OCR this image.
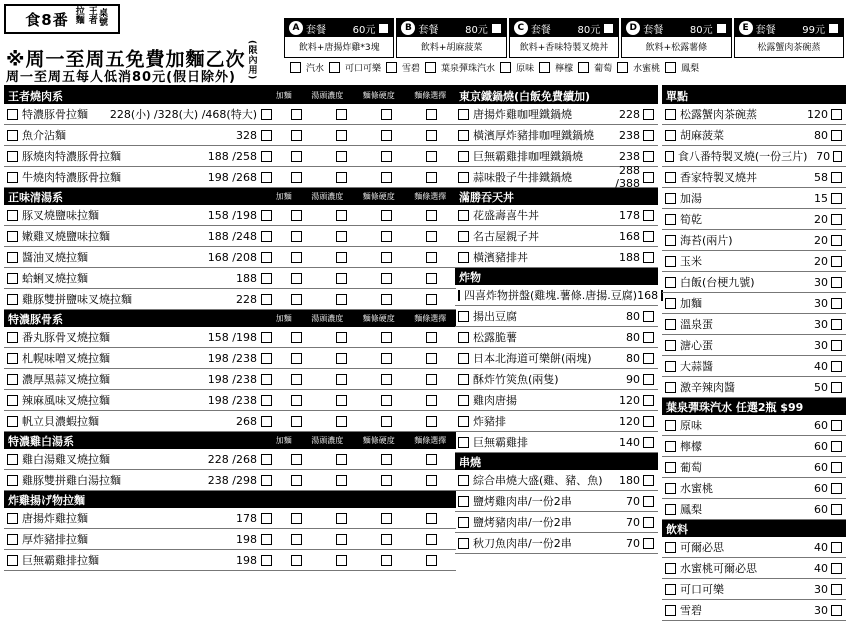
食8番	王者拉麵	桌號
※周一至周五免費加麵乙次(限內用)
周一至周五每人低消80元(假日除外)
A 套餐	60元
飲料+唐揚炸雞*3塊
B 套餐	80元
飲料+胡麻菠菜
C 套餐	80元
飲料+香味特製叉燒丼
D 套餐	80元
飲料+松露薯條
E 套餐	99元
松露蟹肉茶碗蒸
汽水 可口可樂 雪碧 葉泉彈珠汽水 原味 檸檬 葡萄 水蜜桃 鳳梨
王者燒肉系	加麵 湯頭濃度 麵條硬度 麵條選擇
特濃豚骨拉麵	228(小) /328(大) /468(特大)
魚介沾麵	328
豚燒肉特濃豚骨拉麵	188 /258
牛燒肉特濃豚骨拉麵	198 /268
正味清湯系	加麵 湯頭濃度 麵條硬度 麵條選擇
豚叉燒鹽味拉麵	158 /198
嫩雞叉燒鹽味拉麵	188 /248
醬油叉燒拉麵	168 /208
蛤蜊叉燒拉麵	188
雞豚雙拼鹽味叉燒拉麵	228
特濃豚骨系	加麵 湯頭濃度 麵條硬度 麵條選擇
番丸豚骨叉燒拉麵	158 /198
札幌味噌叉燒拉麵	198 /238
濃厚黑蒜叉燒拉麵	198 /238
辣麻風味叉燒拉麵	198 /238
帆立貝濃蝦拉麵	268
特濃雞白湯系	加麵 湯頭濃度 麵條硬度 麵條選擇
雞白湯雞叉燒拉麵	228 /268
雞豚雙拼雞白湯拉麵	238 /298
炸雞揚げ物拉麵
唐揚炸雞拉麵	178
厚炸豬排拉麵	198
巨無霸雞排拉麵	198
東京鐵鍋燒(白飯免費續加)
唐揚炸雞咖哩鐵鍋燒	228
橫濱厚炸豬排咖哩鐵鍋燒	238
巨無霸雞排咖哩鐵鍋燒	238
蒜味骰子牛排鐵鍋燒
288 /388
滿勝吞天丼
花盛壽喜牛丼	178
名古屋親子丼	168
橫濱豬排丼	188
炸物
四喜炸物拼盤(雞塊.薯條.唐揚.豆腐) 168
揚出豆腐	80
松露脆薯	80
日本北海道可樂餅(兩塊)	80
酥炸竹筴魚(兩隻)	90
雞肉唐揚	120
炸豬排	120
巨無霸雞排	140
串燒
綜合串燒大盛(雞、豬、魚)	180
鹽烤雞肉串/一份2串	70
鹽烤豬肉串/一份2串	70
秋刀魚肉串/一份2串	70
單點
松露蟹肉茶碗蒸	120
胡麻菠菜	80
食八番特製叉燒(一份三片) 70
香家特製叉燒丼	58
加湯	15
筍乾	20
海苔(兩片)	20
玉米	20
白飯(台梗九號)	30
加麵	30
溫泉蛋	30
溏心蛋	30
大蒜醬	40
激辛辣肉醬	50
葉泉彈珠汽水 任選2瓶 $99
原味	60
檸檬	60
葡萄	60
水蜜桃	60
鳳梨	60
飲料
可爾必思	40
水蜜桃可爾必思	40
可口可樂	30
雪碧	30
